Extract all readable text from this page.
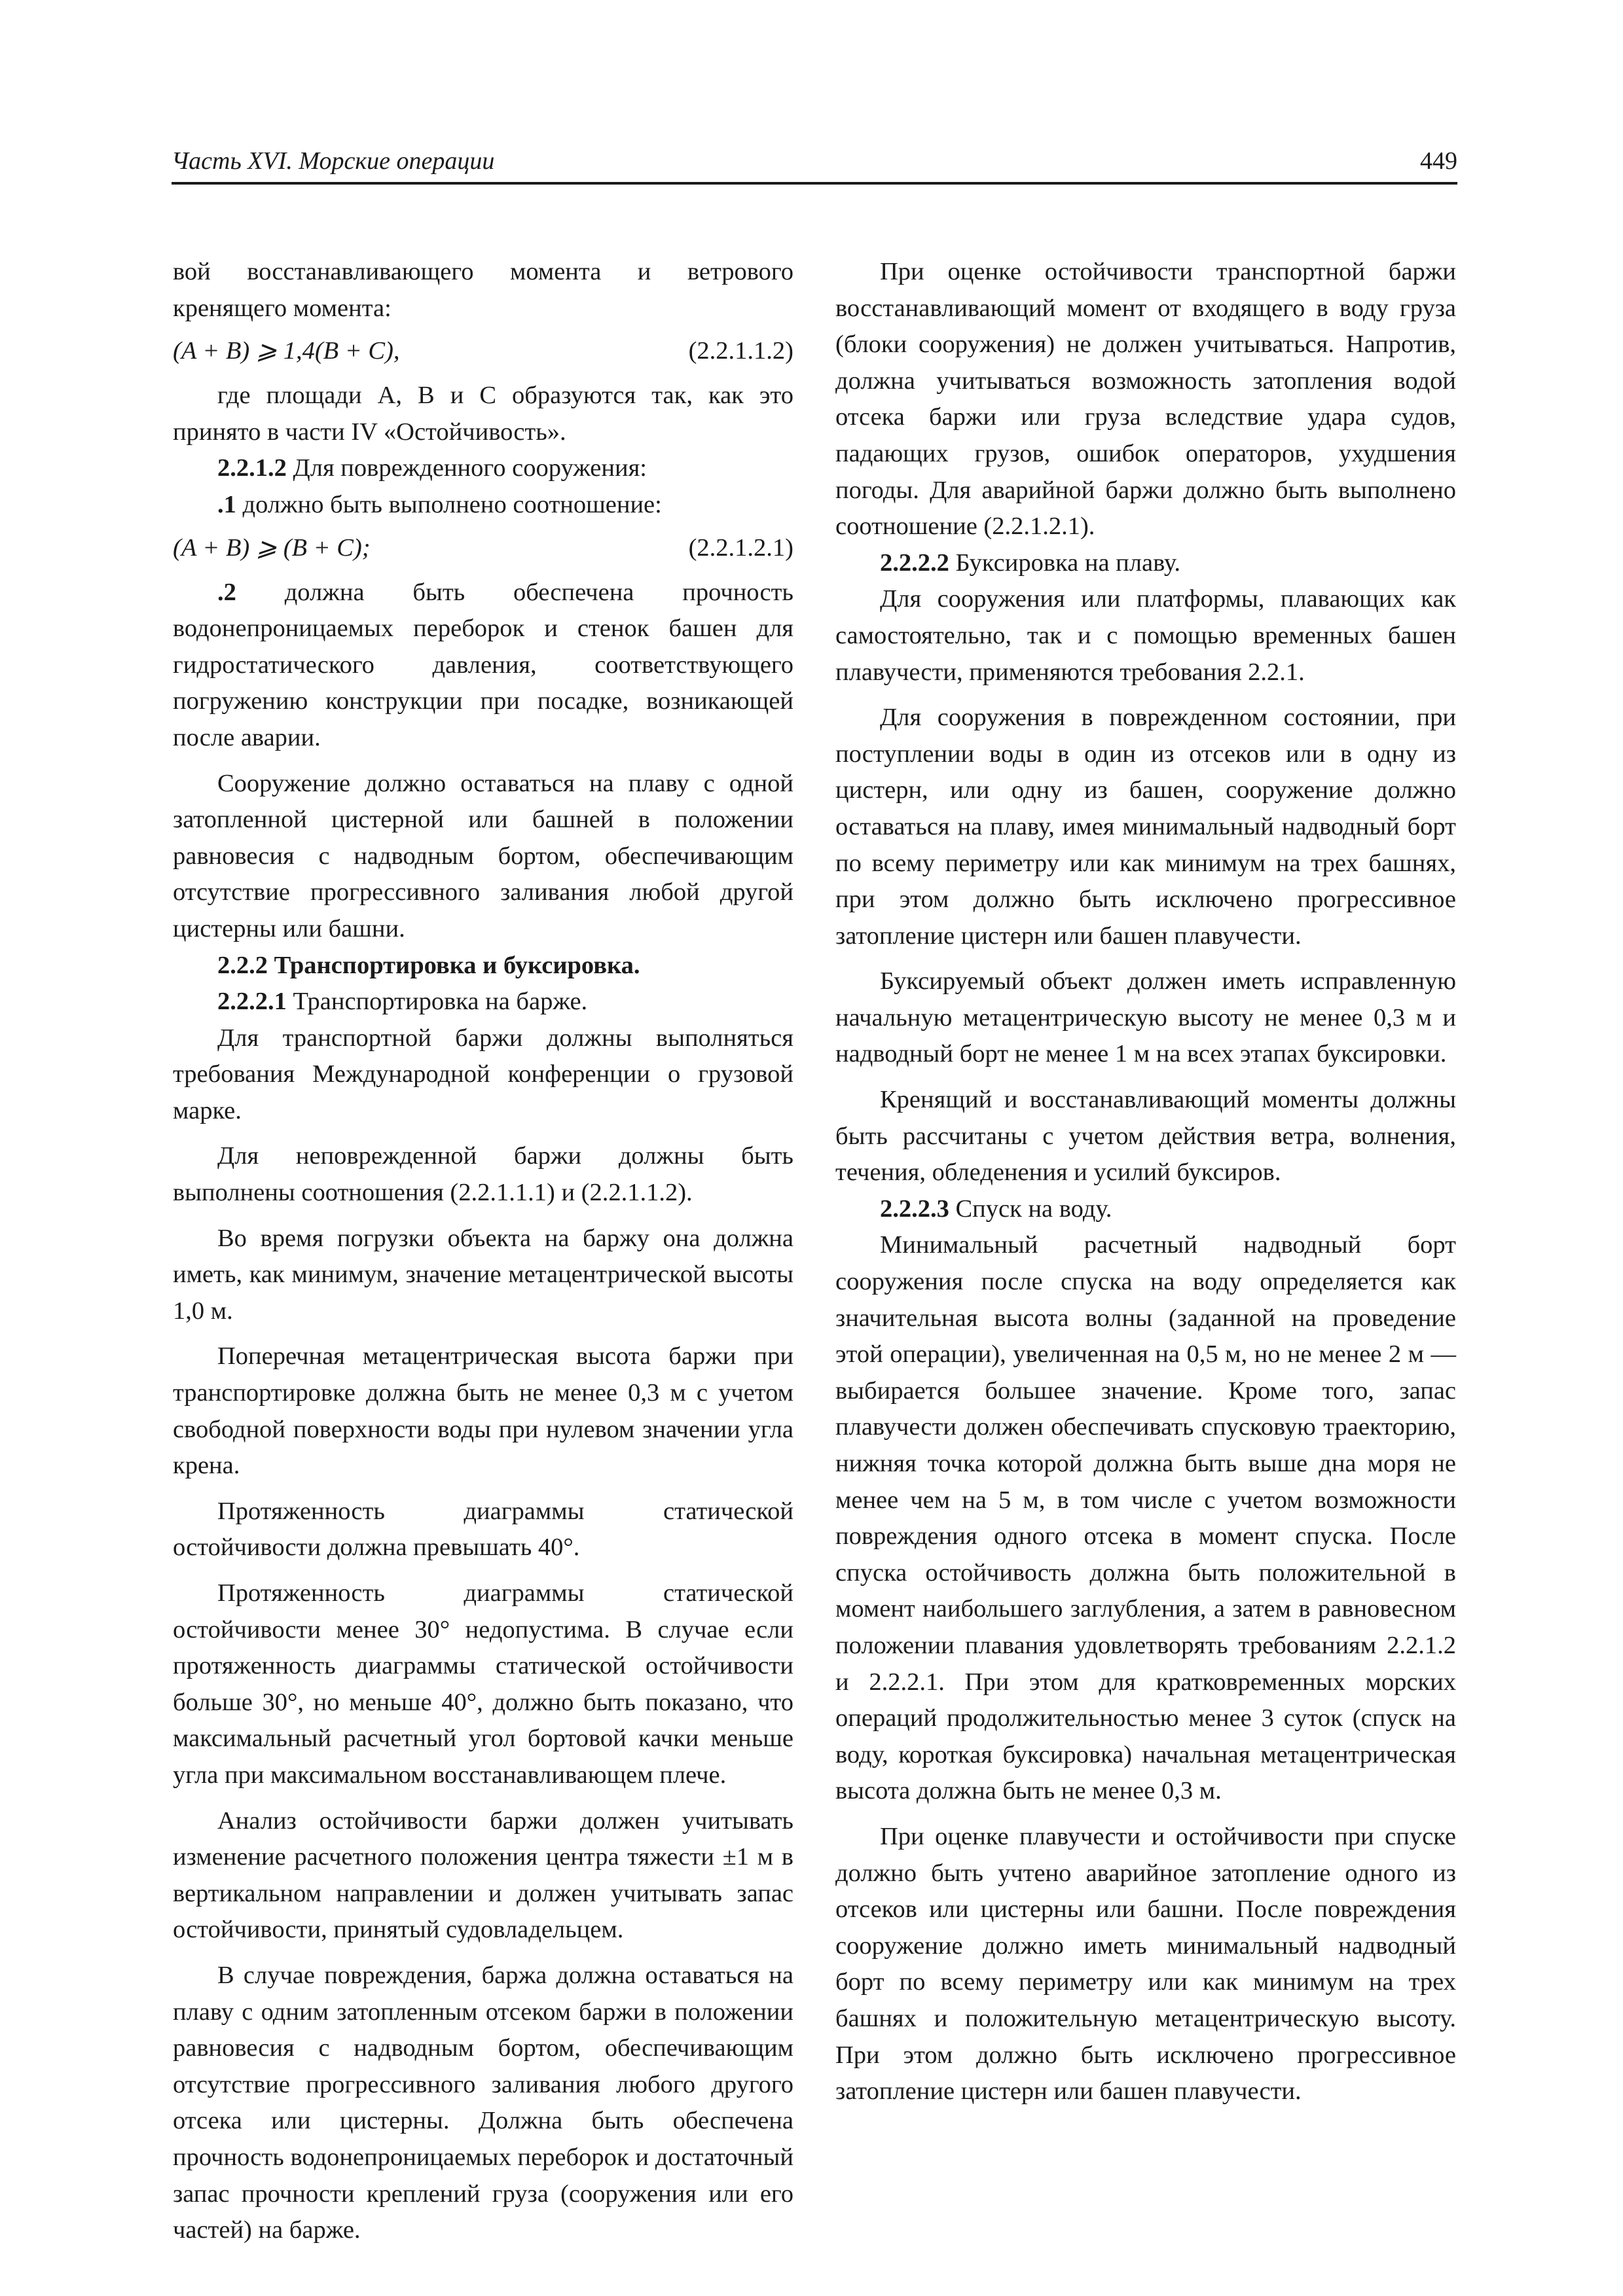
Часть XVI. Морские операции	449

вой восстанавливающего момента и ветрового кренящего момента:

(A + B) ⩾ 1,4(B + C),	(2.2.1.1.2)

где площади A, B и C образуются так, как это принято в части IV «Остойчивость».

2.2.1.2 Для поврежденного сооружения:

.1 должно быть выполнено соотношение:

(A + B) ⩾ (B + C);	(2.2.1.2.1)

.2 должна быть обеспечена прочность водонепроницаемых переборок и стенок башен для гидростатического давления, соответствующего погружению конструкции при посадке, возникающей после аварии.

Сооружение должно оставаться на плаву с одной затопленной цистерной или башней в положении равновесия с надводным бортом, обеспечивающим отсутствие прогрессивного заливания любой другой цистерны или башни.

2.2.2 Транспортировка и буксировка.

2.2.2.1 Транспортировка на барже.

Для транспортной баржи должны выполняться требования Международной конференции о грузовой марке.

Для неповрежденной баржи должны быть выполнены соотношения (2.2.1.1.1) и (2.2.1.1.2).

Во время погрузки объекта на баржу она должна иметь, как минимум, значение метацентрической высоты 1,0 м.

Поперечная метацентрическая высота баржи при транспортировке должна быть не менее 0,3 м с учетом свободной поверхности воды при нулевом значении угла крена.

Протяженность диаграммы статической остойчивости должна превышать 40°.

Протяженность диаграммы статической остойчивости менее 30° недопустима. В случае если протяженность диаграммы статической остойчивости больше 30°, но меньше 40°, должно быть показано, что максимальный расчетный угол бортовой качки меньше угла при максимальном восстанавливающем плече.

Анализ остойчивости баржи должен учитывать изменение расчетного положения центра тяжести ±1 м в вертикальном направлении и должен учитывать запас остойчивости, принятый судовладельцем.

В случае повреждения, баржа должна оставаться на плаву с одним затопленным отсеком баржи в положении равновесия с надводным бортом, обеспечивающим отсутствие прогрессивного заливания любого другого отсека или цистерны. Должна быть обеспечена прочность водонепроницаемых переборок и достаточный запас прочности креплений груза (сооружения или его частей) на барже.

При оценке остойчивости транспортной баржи восстанавливающий момент от входящего в воду груза (блоки сооружения) не должен учитываться. Напротив, должна учитываться возможность затопления водой отсека баржи или груза вследствие удара судов, падающих грузов, ошибок операторов, ухудшения погоды. Для аварийной баржи должно быть выполнено соотношение (2.2.1.2.1).

2.2.2.2 Буксировка на плаву.

Для сооружения или платформы, плавающих как самостоятельно, так и с помощью временных башен плавучести, применяются требования 2.2.1.

Для сооружения в поврежденном состоянии, при поступлении воды в один из отсеков или в одну из цистерн, или одну из башен, сооружение должно оставаться на плаву, имея минимальный надводный борт по всему периметру или как минимум на трех башнях, при этом должно быть исключено прогрессивное затопление цистерн или башен плавучести.

Буксируемый объект должен иметь исправленную начальную метацентрическую высоту не менее 0,3 м и надводный борт не менее 1 м на всех этапах буксировки.

Кренящий и восстанавливающий моменты должны быть рассчитаны с учетом действия ветра, волнения, течения, обледенения и усилий буксиров.

2.2.2.3 Спуск на воду.

Минимальный расчетный надводный борт сооружения после спуска на воду определяется как значительная высота волны (заданной на проведение этой операции), увеличенная на 0,5 м, но не менее 2 м — выбирается большее значение. Кроме того, запас плавучести должен обеспечивать спусковую траекторию, нижняя точка которой должна быть выше дна моря не менее чем на 5 м, в том числе с учетом возможности повреждения одного отсека в момент спуска. После спуска остойчивость должна быть положительной в момент наибольшего заглубления, а затем в равновесном положении плавания удовлетворять требованиям 2.2.1.2 и 2.2.2.1. При этом для кратковременных морских операций продолжительностью менее 3 суток (спуск на воду, короткая буксировка) начальная метацентрическая высота должна быть не менее 0,3 м.

При оценке плавучести и остойчивости при спуске должно быть учтено аварийное затопление одного из отсеков или цистерны или башни. После повреждения сооружение должно иметь минимальный надводный борт по всему периметру или как минимум на трех башнях и положительную метацентрическую высоту. При этом должно быть исключено прогрессивное затопление цистерн или башен плавучести.
